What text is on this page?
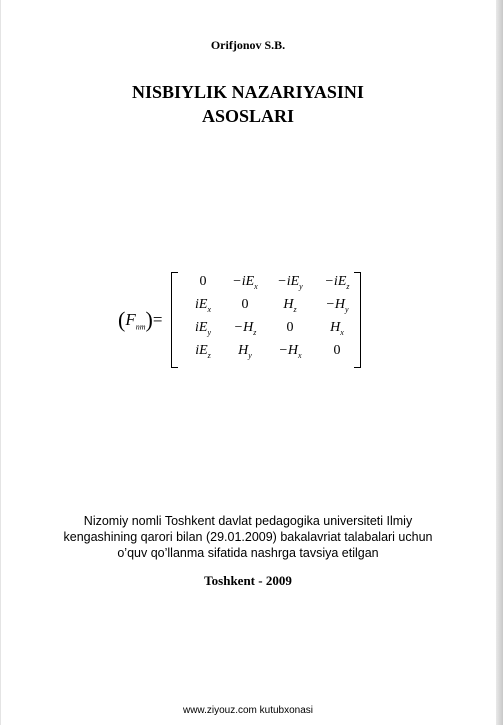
Orifjonov S.B.
NISBIYLIK NAZARIYASINI
ASOSLARI
$(F_{nm})=$
0	$-iE_x$	$-iE_y$	$-iE_z$
$iE_x$	0	$H_z$	$-H_y$
$iE_y$	$-H_z$	0	$H_x$
$iE_z$	$H_y$	$-H_x$	0
Nizomiy nomli Toshkent davlat pedagogika universiteti Ilmiy
kengashining qarori bilan (29.01.2009) bakalavriat talabalari uchun
o’quv qo’llanma sifatida nashrga tavsiya etilgan
Toshkent - 2009
www.ziyouz.com kutubxonasi
